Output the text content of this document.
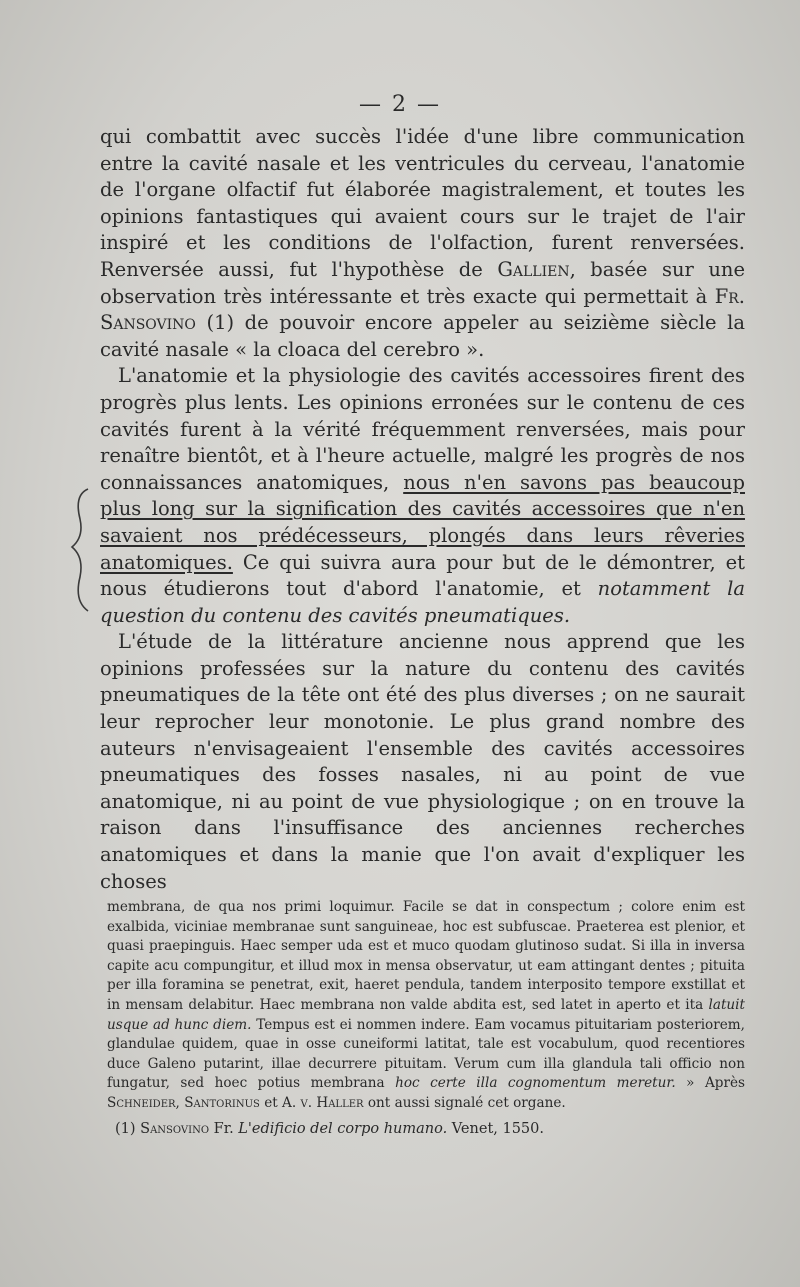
— 2 —

qui combattit avec succès l'idée d'une libre communication entre la cavité nasale et les ventricules du cerveau, l'anatomie de l'organe olfactif fut élaborée magistralement, et toutes les opinions fantastiques qui avaient cours sur le trajet de l'air inspiré et les conditions de l'olfaction, furent renversées. Renversée aussi, fut l'hypothèse de Gallien, basée sur une observation très intéressante et très exacte qui permettait à Fr. Sansovino (1) de pouvoir encore appeler au seizième siècle la cavité nasale « la cloaca del cerebro ».

L'anatomie et la physiologie des cavités accessoires firent des progrès plus lents. Les opinions erronées sur le contenu de ces cavités furent à la vérité fréquemment renversées, mais pour renaître bientôt, et à l'heure actuelle, malgré les progrès de nos connaissances anatomiques, nous n'en savons pas beaucoup plus long sur la signification des cavités accessoires que n'en savaient nos prédécesseurs, plongés dans leurs rêveries anatomiques. Ce qui suivra aura pour but de le démontrer, et nous étudierons tout d'abord l'anatomie, et notamment la question du contenu des cavités pneumatiques.

L'étude de la littérature ancienne nous apprend que les opinions professées sur la nature du contenu des cavités pneumatiques de la tête ont été des plus diverses ; on ne saurait leur reprocher leur monotonie. Le plus grand nombre des auteurs n'envisageaient l'ensemble des cavités accessoires pneumatiques des fosses nasales, ni au point de vue anatomique, ni au point de vue physiologique ; on en trouve la raison dans l'insuffisance des anciennes recherches anatomiques et dans la manie que l'on avait d'expliquer les choses

membrana, de qua nos primi loquimur. Facile se dat in conspectum ; colore enim est exalbida, viciniae membranae sunt sanguineae, hoc est subfuscae. Praeterea est plenior, et quasi praepinguis. Haec semper uda est et muco quodam glutinoso sudat. Si illa in inversa capite acu compungitur, et illud mox in mensa observatur, ut eam attingant dentes ; pituita per illa foramina se penetrat, exit, haeret pendula, tandem interposito tempore exstillat et in mensam delabitur. Haec membrana non valde abdita est, sed latet in aperto et ita latuit usque ad hunc diem. Tempus est ei nommen indere. Eam vocamus pituitariam posteriorem, glandulae quidem, quae in osse cuneiformi latitat, tale est vocabulum, quod recentiores duce Galeno putarint, illae decurrere pituitam. Verum cum illa glandula tali officio non fungatur, sed hoec potius membrana hoc certe illa cognomentum meretur. » Après Schneider, Santorinus et A. v. Haller ont aussi signalé cet organe.

(1) Sansovino Fr. L'edificio del corpo humano. Venet, 1550.
